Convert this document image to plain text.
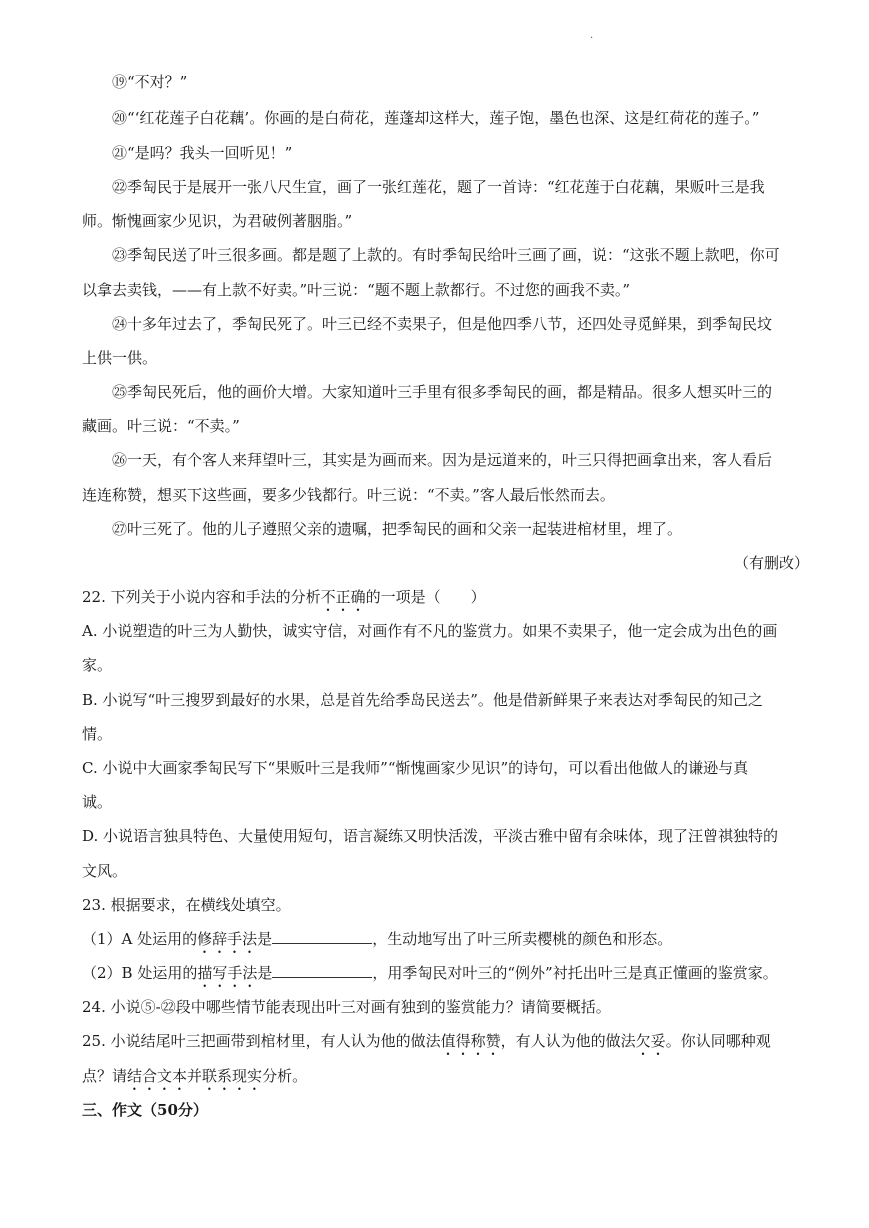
.
⑲“不对？”
⑳“‘红花莲子白花藕’。你画的是白荷花，莲蓬却这样大，莲子饱，墨色也深、这是红荷花的莲子。”
㉑“是吗？我头一回听见！”
㉒季匋民于是展开一张八尺生宣，画了一张红莲花，题了一首诗：“红花莲于白花藕，果贩叶三是我
师。惭愧画家少见识，为君破例著胭脂。”
㉓季匋民送了叶三很多画。都是题了上款的。有时季匋民给叶三画了画，说：“这张不题上款吧，你可
以拿去卖钱，——有上款不好卖。”叶三说：“题不题上款都行。不过您的画我不卖。”
㉔十多年过去了，季匋民死了。叶三已经不卖果子，但是他四季八节，还四处寻觅鲜果，到季匋民坟
上供一供。
㉕季匋民死后，他的画价大增。大家知道叶三手里有很多季匋民的画，都是精品。很多人想买叶三的
藏画。叶三说：“不卖。”
㉖一天，有个客人来拜望叶三，其实是为画而来。因为是远道来的，叶三只得把画拿出来，客人看后
连连称赞，想买下这些画，要多少钱都行。叶三说：“不卖。”客人最后怅然而去。
㉗叶三死了。他的儿子遵照父亲的遗嘱，把季匋民的画和父亲一起装进棺材里，埋了。
（有删改）
22. 下列关于小说内容和手法的分析不正确的一项是（　　）
A. 小说塑造的叶三为人勤快，诚实守信，对画作有不凡的鉴赏力。如果不卖果子，他一定会成为出色的画
家。
B. 小说写“叶三搜罗到最好的水果，总是首先给季岛民送去”。他是借新鲜果子来表达对季匋民的知己之
情。
C. 小说中大画家季匋民写下“果贩叶三是我师”“惭愧画家少见识”的诗句，可以看出他做人的谦逊与真
诚。
D. 小说语言独具特色、大量使用短句，语言凝练又明快活泼，平淡古雅中留有余味体，现了汪曾祺独特的
文风。
23. 根据要求，在横线处填空。
（1）A 处运用的修辞手法是	，生动地写出了叶三所卖樱桃的颜色和形态。
（2）B 处运用的描写手法是	，用季匋民对叶三的“例外”衬托出叶三是真正懂画的鉴赏家。
24. 小说⑤-㉒段中哪些情节能表现出叶三对画有独到的鉴赏能力？请简要概括。
25. 小说结尾叶三把画带到棺材里，有人认为他的做法值得称赞，有人认为他的做法欠妥。你认同哪种观
点？请结合文本并联系现实分析。
三、作文（50分）
